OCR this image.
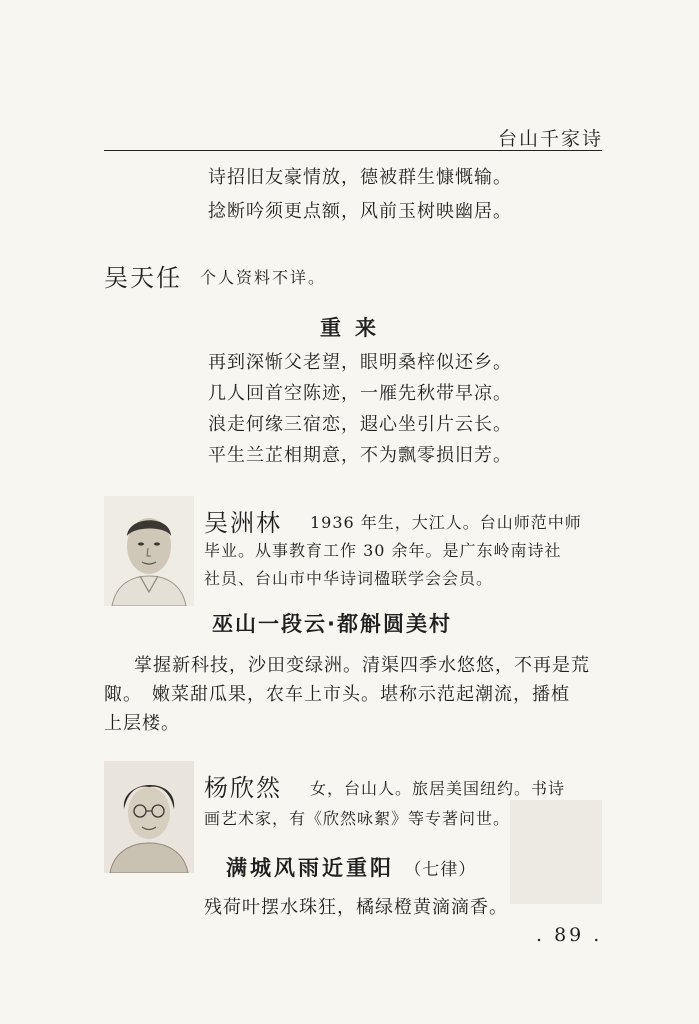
台山千家诗

诗招旧友豪情放，德被群生慷慨输。
捻断吟须更点额，风前玉树映幽居。
吴天任 个人资料不详。
重来
再到深惭父老望，眼明桑梓似还乡。
几人回首空陈迹，一雁先秋带早凉。
浪走何缘三宿恋，遐心坐引片云长。
平生兰芷相期意，不为飘零损旧芳。
吴洲林 1936 年生，大江人。台山师范中师
毕业。从事教育工作 30 余年。是广东岭南诗社
社员、台山市中华诗词楹联学会会员。
巫山一段云·都斛圆美村
掌握新科技，沙田变绿洲。清渠四季水悠悠，不再是荒
陬。　嫩菜甜瓜果，农车上市头。堪称示范起潮流，播植
上层楼。
杨欣然 女，台山人。旅居美国纽约。书诗
画艺术家，有《欣然咏絮》等专著问世。
满城风雨近重阳 （七律）
残荷叶摆水珠狂，橘绿橙黄滴滴香。
. 89 .
